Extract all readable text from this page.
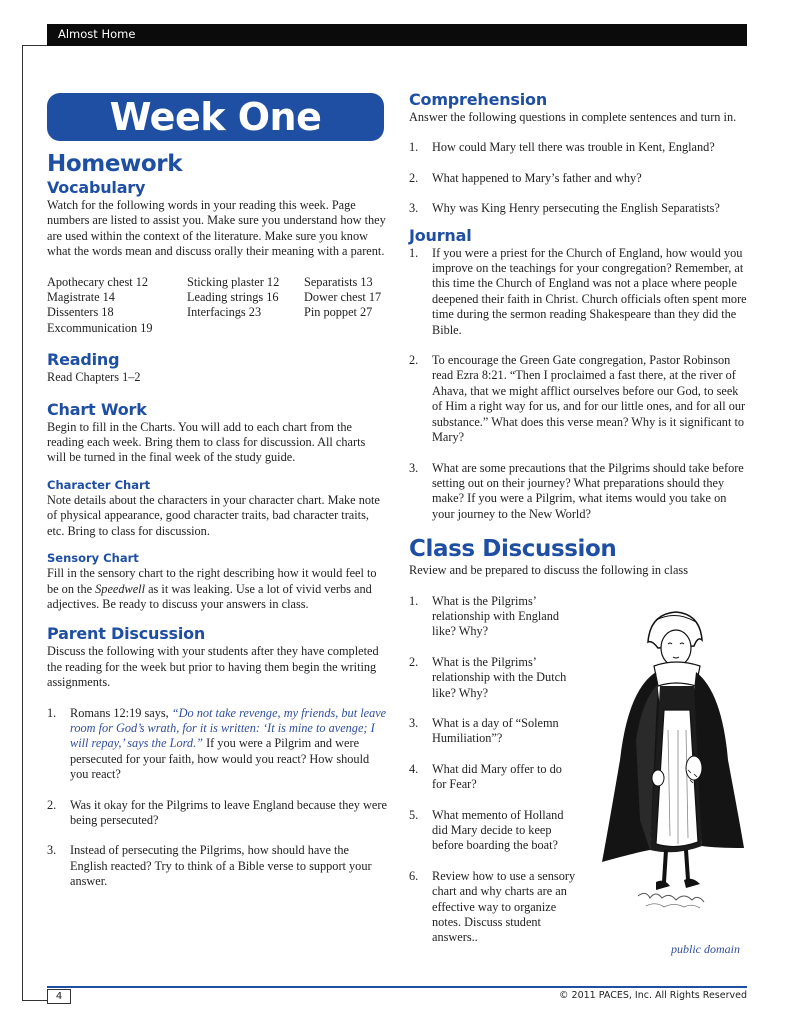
Almost Home
Week One
Homework
Vocabulary

Watch for the following words in your reading this week. Page numbers are listed to assist you. Make sure you understand how they are used within the context of the literature. Make sure you know what the words mean and discuss orally their meaning with a parent.

Apothecary chest 12	Sticking plaster 12	Separatists 13
Magistrate 14	Leading strings 16	Dower chest 17
Dissenters 18	Interfacings 23	Pin poppet 27
Excommunication 19
Reading

Read Chapters 1–2

Chart Work

Begin to fill in the Charts. You will add to each chart from the reading each week. Bring them to class for discussion. All charts will be turned in the final week of the study guide.

Character Chart

Note details about the characters in your character chart. Make note of physical appearance, good character traits, bad character traits, etc. Bring to class for discussion.

Sensory Chart

Fill in the sensory chart to the right describing how it would feel to be on the Speedwell as it was leaking. Use a lot of vivid verbs and adjectives. Be ready to discuss your answers in class.

Parent Discussion

Discuss the following with your students after they have completed the reading for the week but prior to having them begin the writing assignments.

1.	Romans 12:19 says, “Do not take revenge, my friends, but leave room for God’s wrath, for it is written: ‘It is mine to avenge; I will repay,’ says the Lord.” If you were a Pilgrim and were persecuted for your faith, how would you react? How should you react?
2.	Was it okay for the Pilgrims to leave England because they were being persecuted?
3.	Instead of persecuting the Pilgrims, how should have the English reacted? Try to think of a Bible verse to support your answer.
Comprehension

Answer the following questions in complete sentences and turn in.

1.	How could Mary tell there was trouble in Kent, England?
2.	What happened to Mary’s father and why?
3.	Why was King Henry persecuting the English Separatists?
Journal
1.	If you were a priest for the Church of England, how would you improve on the teachings for your congregation? Remember, at this time the Church of England was not a place where people deepened their faith in Christ. Church officials often spent more time during the sermon reading Shakespeare than they did the Bible.
2.	To encourage the Green Gate congregation, Pastor Robinson read Ezra 8:21. “Then I proclaimed a fast there, at the river of Ahava, that we might afflict ourselves before our God, to seek of Him a right way for us, and for our little ones, and for all our substance.” What does this verse mean? Why is it significant to Mary?
3.	What are some precautions that the Pilgrims should take before setting out on their journey? What preparations should they make? If you were a Pilgrim, what items would you take on your journey to the New World?
Class Discussion

Review and be prepared to discuss the following in class

1.	What is the Pilgrims’ relationship with England like? Why?
2.	What is the Pilgrims’ relationship with the Dutch like? Why?
3.	What is a day of “Solemn Humiliation”?
4.	What did Mary offer to do for Fear?
5.	What memento of Holland did Mary decide to keep before boarding the boat?
6.	Review how to use a sensory chart and why charts are an effective way to organize notes. Discuss student answers..
public domain
4	© 2011 PACES, Inc. All Rights Reserved
